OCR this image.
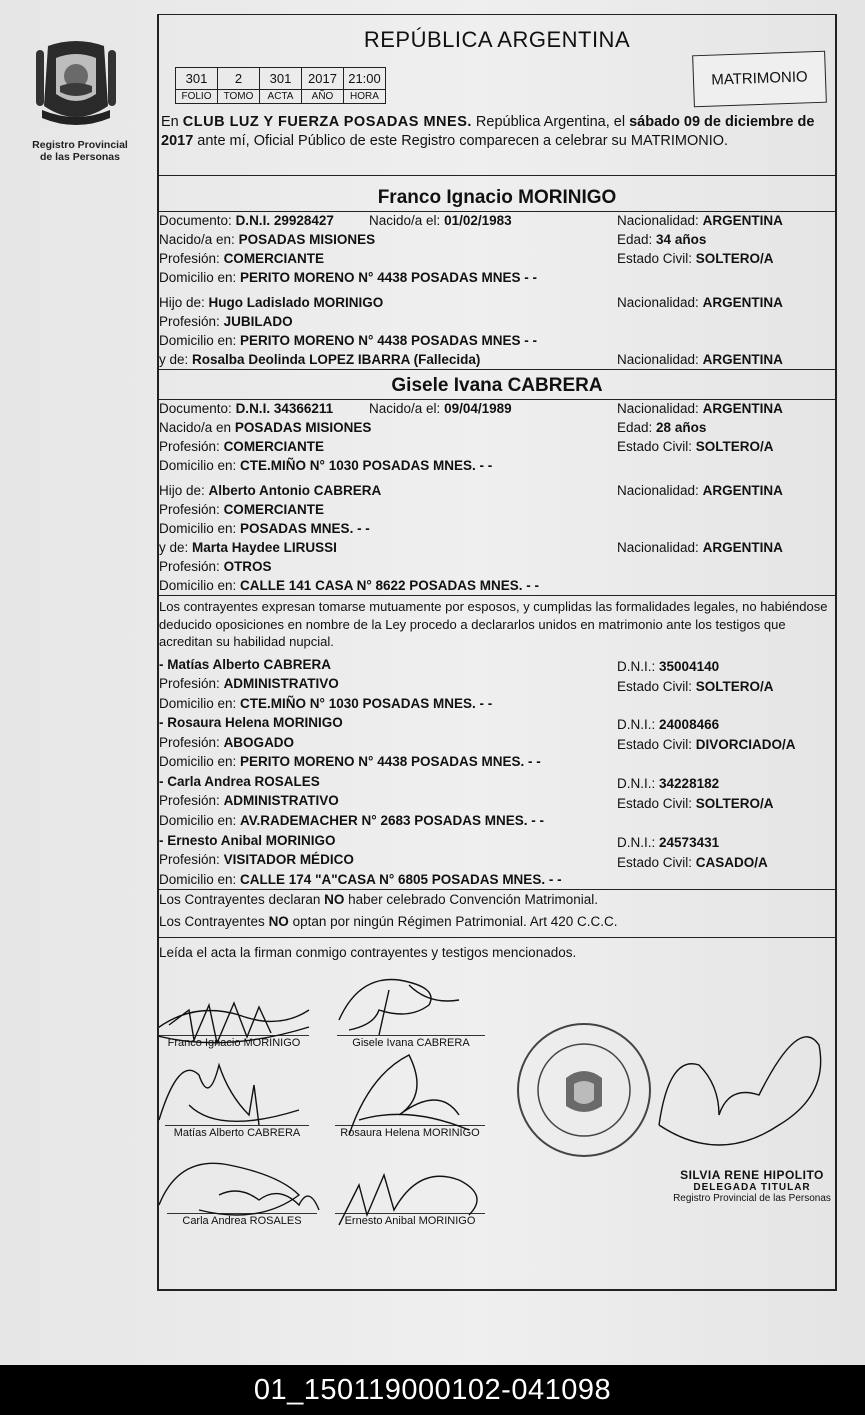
Registro Provincial
de las Personas
REPÚBLICA ARGENTINA
301	2	301	2017	21:00
FOLIO	TOMO	ACTA	AÑO	HORA
MATRIMONIO
En CLUB LUZ Y FUERZA POSADAS MNES. República Argentina, el sábado 09 de diciembre de 2017 ante mí, Oficial Público de este Registro comparecen a celebrar su MATRIMONIO.
Franco Ignacio MORINIGO
Documento: D.N.I. 29928427	Nacido/a el: 01/02/1983	Nacionalidad: ARGENTINA
Nacido/a en: POSADAS MISIONES	Edad: 34 años
Profesión: COMERCIANTE	Estado Civil: SOLTERO/A
Domicilio en: PERITO MORENO N° 4438 POSADAS MNES - -
Hijo de: Hugo Ladislado MORINIGO	Nacionalidad: ARGENTINA
Profesión: JUBILADO
Domicilio en: PERITO MORENO N° 4438 POSADAS MNES - -
y de: Rosalba Deolinda LOPEZ IBARRA (Fallecida)	Nacionalidad: ARGENTINA
Gisele Ivana CABRERA
Documento: D.N.I. 34366211	Nacido/a el: 09/04/1989	Nacionalidad: ARGENTINA
Nacido/a en POSADAS MISIONES	Edad: 28 años
Profesión: COMERCIANTE	Estado Civil: SOLTERO/A
Domicilio en: CTE.MIÑO N° 1030 POSADAS MNES. - -
Hijo de: Alberto Antonio CABRERA	Nacionalidad: ARGENTINA
Profesión: COMERCIANTE
Domicilio en: POSADAS MNES. - -
y de: Marta Haydee LIRUSSI	Nacionalidad: ARGENTINA
Profesión: OTROS
Domicilio en: CALLE 141 CASA N° 8622 POSADAS MNES. - -
Los contrayentes expresan tomarse mutuamente por esposos, y cumplidas las formalidades legales, no habiéndose deducido oposiciones en nombre de la Ley procedo a declararlos unidos en matrimonio ante los testigos que acreditan su habilidad nupcial.
- Matías Alberto CABRERA	D.N.I.: 35004140
Profesión: ADMINISTRATIVO	Estado Civil: SOLTERO/A
Domicilio en: CTE.MIÑO N° 1030 POSADAS MNES. - -
- Rosaura Helena MORINIGO	D.N.I.: 24008466
Profesión: ABOGADO	Estado Civil: DIVORCIADO/A
Domicilio en: PERITO MORENO N° 4438 POSADAS MNES. - -
- Carla Andrea ROSALES	D.N.I.: 34228182
Profesión: ADMINISTRATIVO	Estado Civil: SOLTERO/A
Domicilio en: AV.RADEMACHER N° 2683 POSADAS MNES. - -
- Ernesto Anibal MORINIGO	D.N.I.: 24573431
Profesión: VISITADOR MÉDICO	Estado Civil: CASADO/A
Domicilio en: CALLE 174 "A"CASA N° 6805 POSADAS MNES. - -
Los Contrayentes declaran NO haber celebrado Convención Matrimonial.
Los Contrayentes NO optan por ningún Régimen Patrimonial. Art 420 C.C.C.
Leída el acta la firman conmigo contrayentes y testigos mencionados.
Franco Ignacio MORINIGO	Gisele Ivana CABRERA
Matías Alberto CABRERA	Rosaura Helena MORINIGO
Carla Andrea ROSALES	Ernesto Anibal MORINIGO
SILVIA RENE HIPOLITO
DELEGADA TITULAR
Registro Provincial de las Personas
01_150119000102-041098
